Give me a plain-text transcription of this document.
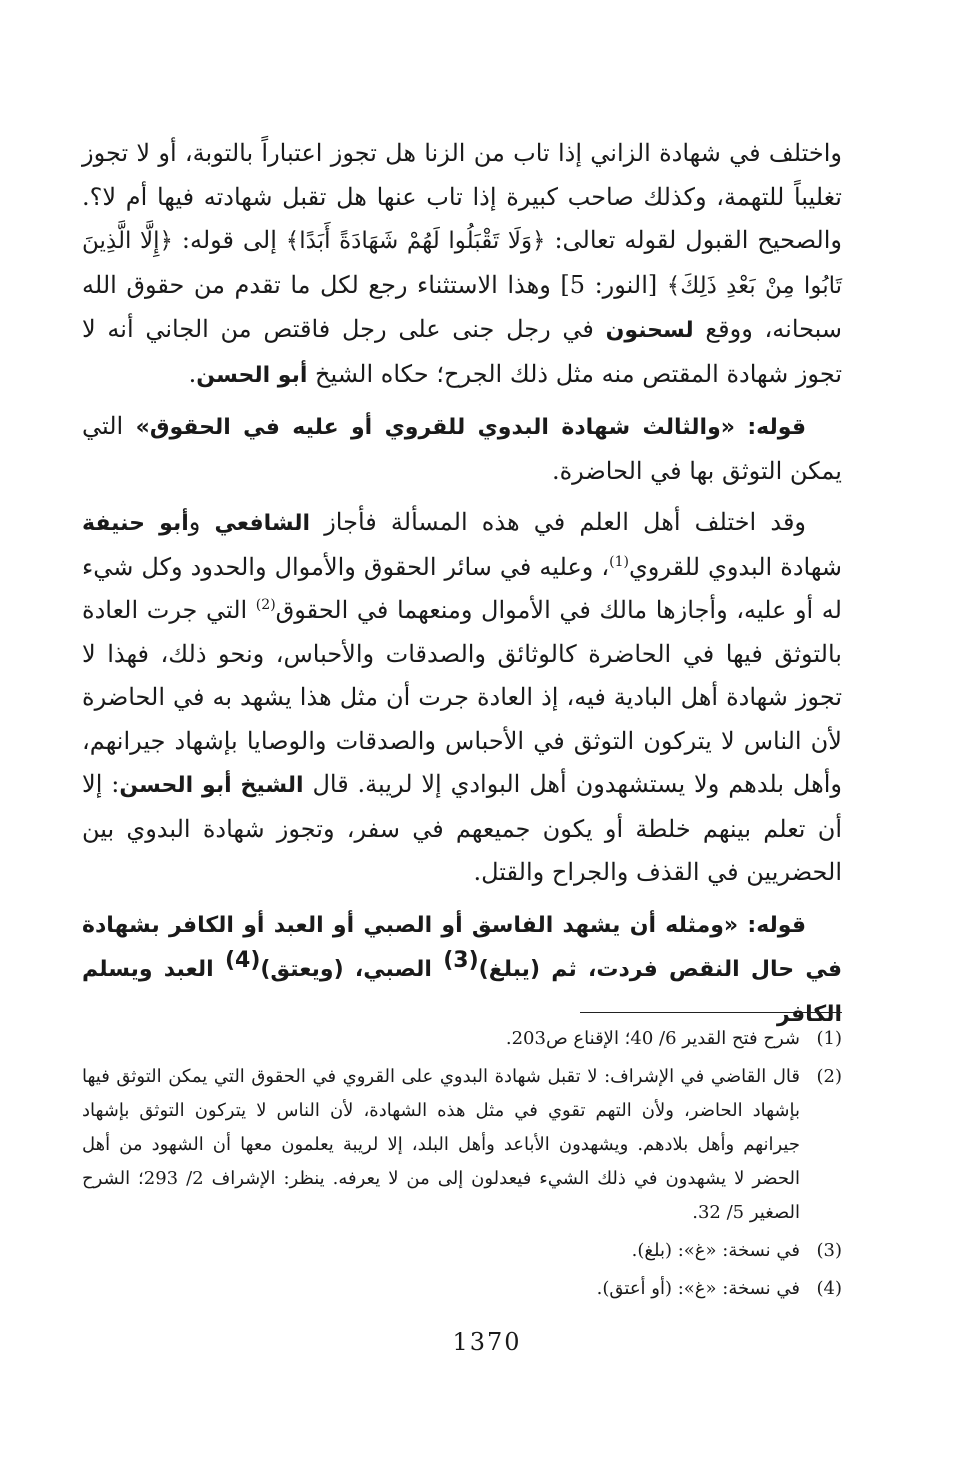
واختلف في شهادة الزاني إذا تاب من الزنا هل تجوز اعتباراً بالتوبة، أو لا تجوز تغليباً للتهمة، وكذلك صاحب كبيرة إذا تاب عنها هل تقبل شهادته فيها أم لا؟. والصحيح القبول لقوله تعالى: ﴿وَلَا تَقْبَلُوا لَهُمْ شَهَادَةً أَبَدًا﴾ إلى قوله: ﴿إِلَّا الَّذِينَ تَابُوا مِنْ بَعْدِ ذَلِكَ﴾ [النور: 5] وهذا الاستثناء رجع لكل ما تقدم من حقوق الله سبحانه، ووقع لسحنون في رجل جنى على رجل فاقتص من الجاني أنه لا تجوز شهادة المقتص منه مثل ذلك الجرح؛ حكاه الشيخ أبو الحسن.

قوله: «والثالث شهادة البدوي للقروي أو عليه في الحقوق» التي يمكن التوثق بها في الحاضرة.

وقد اختلف أهل العلم في هذه المسألة فأجاز الشافعي وأبو حنيفة شهادة البدوي للقروي$^{(1)}$، وعليه في سائر الحقوق والأموال والحدود وكل شيء له أو عليه، وأجازها مالك في الأموال ومنعهما في الحقوق$^{(2)}$ التي جرت العادة بالتوثق فيها في الحاضرة كالوثائق والصدقات والأحباس، ونحو ذلك، فهذا لا تجوز شهادة أهل البادية فيه، إذ العادة جرت أن مثل هذا يشهد به في الحاضرة لأن الناس لا يتركون التوثق في الأحباس والصدقات والوصايا بإشهاد جيرانهم، وأهل بلدهم ولا يستشهدون أهل البوادي إلا لريبة. قال الشيخ أبو الحسن: إلا أن تعلم بينهم خلطة أو يكون جميعهم في سفر، وتجوز شهادة البدوي بين الحضريين في القذف والجراح والقتل.

قوله: «ومثله أن يشهد الفاسق أو الصبي أو العبد أو الكافر بشهادة في حال النقص فردت، ثم (يبلغ)$^{(3)}$ الصبي، (ويعتق)$^{(4)}$ العبد ويسلم الكافر

(1)
شرح فتح القدير 6/ 40؛ الإقناع ص203.
(2)
قال القاضي في الإشراف: لا تقبل شهادة البدوي على القروي في الحقوق التي يمكن التوثق فيها بإشهاد الحاضر، ولأن التهم تقوي في مثل هذه الشهادة، لأن الناس لا يتركون التوثق بإشهاد جيرانهم وأهل بلادهم. ويشهدون الأباعد وأهل البلد، إلا لريبة يعلمون معها أن الشهود من أهل الحضر لا يشهدون في ذلك الشيء فيعدلون إلى من لا يعرفه. ينظر: الإشراف 2/ 293؛ الشرح الصغير 5/ 32.
(3)
في نسخة: «غ»: (بلغ).
(4)
في نسخة: «غ»: (أو أعتق).
1370
